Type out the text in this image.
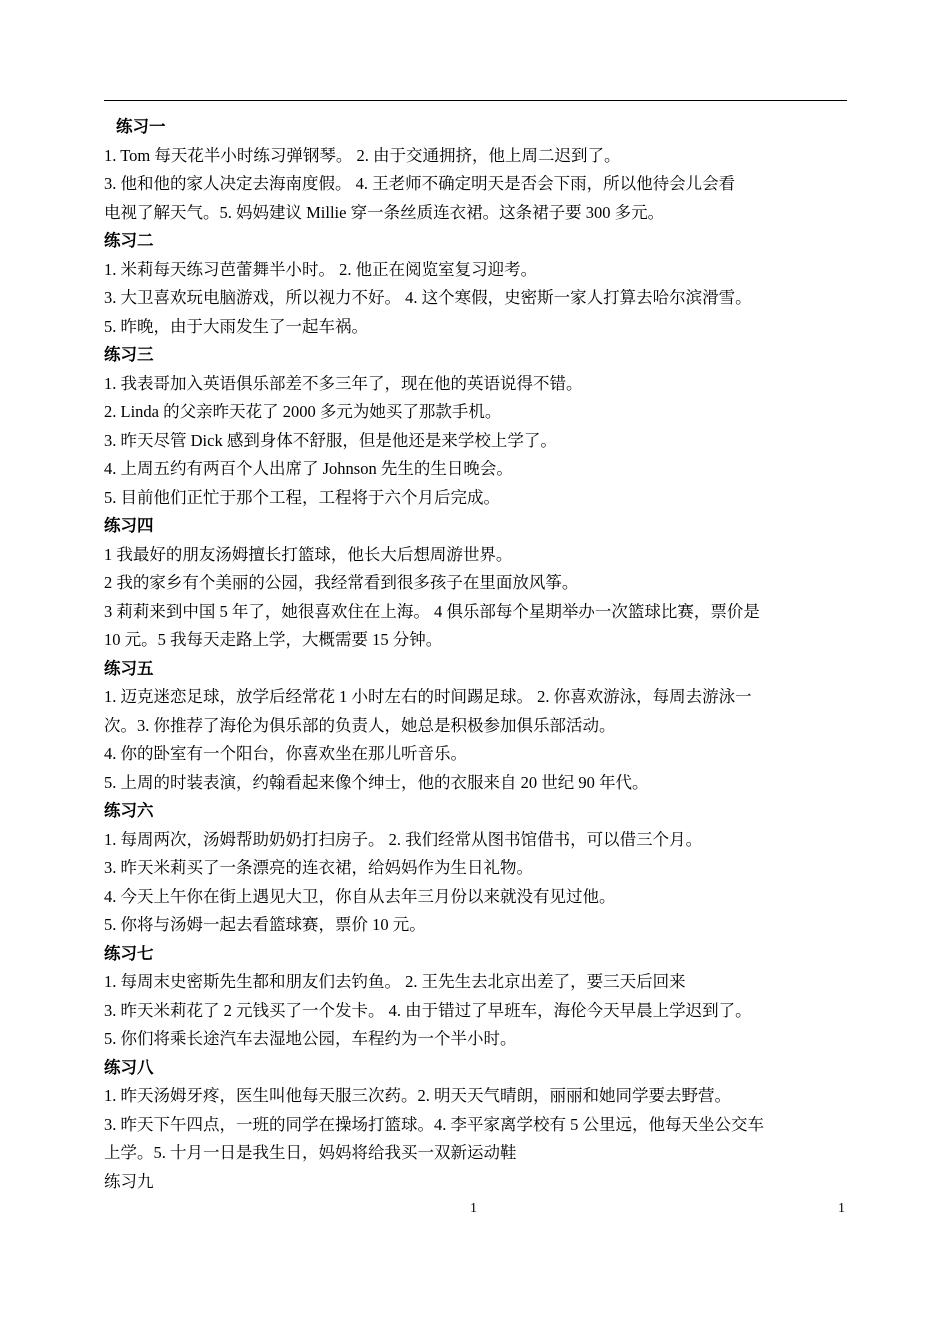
练习一
1. Tom 每天花半小时练习弹钢琴。 2. 由于交通拥挤，他上周二迟到了。
3. 他和他的家人决定去海南度假。 4. 王老师不确定明天是否会下雨，所以他待会儿会看
电视了解天气。5. 妈妈建议 Millie 穿一条丝质连衣裙。这条裙子要 300 多元。
练习二
1. 米莉每天练习芭蕾舞半小时。 2. 他正在阅览室复习迎考。
3. 大卫喜欢玩电脑游戏，所以视力不好。 4. 这个寒假，史密斯一家人打算去哈尔滨滑雪。
5. 昨晚，由于大雨发生了一起车祸。
练习三
1. 我表哥加入英语俱乐部差不多三年了，现在他的英语说得不错。
2. Linda 的父亲昨天花了 2000 多元为她买了那款手机。
3. 昨天尽管 Dick 感到身体不舒服，但是他还是来学校上学了。
4. 上周五约有两百个人出席了 Johnson 先生的生日晚会。
5. 目前他们正忙于那个工程，工程将于六个月后完成。
练习四
1 我最好的朋友汤姆擅长打篮球，他长大后想周游世界。
2 我的家乡有个美丽的公园，我经常看到很多孩子在里面放风筝。
3 莉莉来到中国 5 年了，她很喜欢住在上海。 4 俱乐部每个星期举办一次篮球比赛，票价是
10 元。5 我每天走路上学，大概需要 15 分钟。
练习五
1. 迈克迷恋足球，放学后经常花 1 小时左右的时间踢足球。 2. 你喜欢游泳，每周去游泳一
次。3. 你推荐了海伦为俱乐部的负责人，她总是积极参加俱乐部活动。
4. 你的卧室有一个阳台，你喜欢坐在那儿听音乐。
5. 上周的时装表演，约翰看起来像个绅士，他的衣服来自 20 世纪 90 年代。
练习六
1. 每周两次，汤姆帮助奶奶打扫房子。 2. 我们经常从图书馆借书，可以借三个月。
3. 昨天米莉买了一条漂亮的连衣裙，给妈妈作为生日礼物。
4. 今天上午你在街上遇见大卫，你自从去年三月份以来就没有见过他。
5. 你将与汤姆一起去看篮球赛，票价 10 元。
练习七
1. 每周末史密斯先生都和朋友们去钓鱼。 2. 王先生去北京出差了，要三天后回来
3. 昨天米莉花了 2 元钱买了一个发卡。 4. 由于错过了早班车，海伦今天早晨上学迟到了。
5. 你们将乘长途汽车去湿地公园，车程约为一个半小时。
练习八
1. 昨天汤姆牙疼，医生叫他每天服三次药。2. 明天天气晴朗，丽丽和她同学要去野营。
3. 昨天下午四点，一班的同学在操场打篮球。4. 李平家离学校有 5 公里远，他每天坐公交车
上学。5. 十月一日是我生日，妈妈将给我买一双新运动鞋
练习九
1	1
